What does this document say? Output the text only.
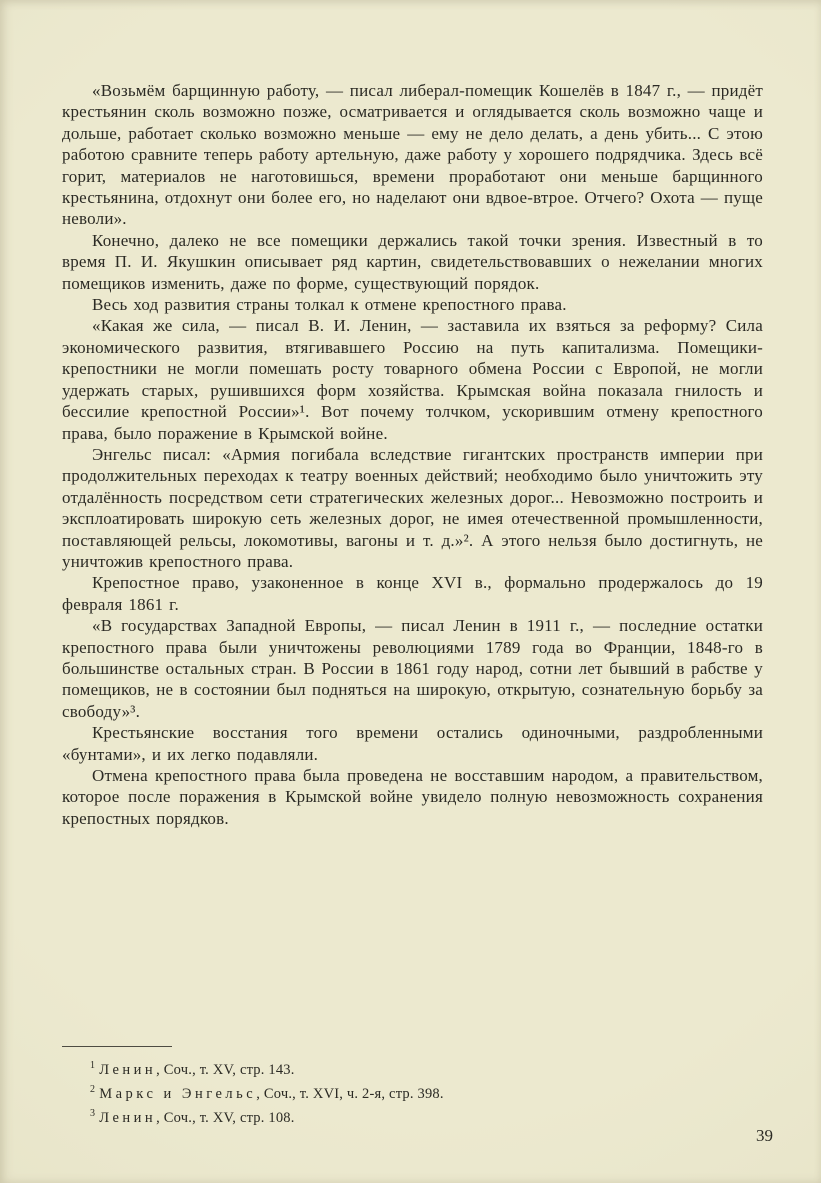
«Возьмём барщинную работу, — писал либерал-помещик Кошелёв в 1847 г., — придёт крестьянин сколь возможно позже, осматривается и оглядывается сколь возможно чаще и дольше, работает сколько возможно меньше — ему не дело делать, а день убить... С этою работою сравните теперь работу артельную, даже работу у хорошего подрядчика. Здесь всё горит, материалов не наготовишься, времени проработают они меньше барщинного крестьянина, отдохнут они более его, но наделают они вдвое-втрое. Отчего? Охота — пуще неволи».

Конечно, далеко не все помещики держались такой точки зрения. Известный в то время П. И. Якушкин описывает ряд картин, свидетельствовавших о нежелании многих помещиков изменить, даже по форме, существующий порядок.

Весь ход развития страны толкал к отмене крепостного права.

«Какая же сила, — писал В. И. Ленин, — заставила их взяться за реформу? Сила экономического развития, втягивавшего Россию на путь капитализма. Помещики-крепостники не могли помешать росту товарного обмена России с Европой, не могли удержать старых, рушившихся форм хозяйства. Крымская война показала гнилость и бессилие крепостной России»¹. Вот почему толчком, ускорившим отмену крепостного права, было поражение в Крымской войне.

Энгельс писал: «Армия погибала вследствие гигантских пространств империи при продолжительных переходах к театру военных действий; необходимо было уничтожить эту отдалённость посредством сети стратегических железных дорог... Невозможно построить и эксплоатировать широкую сеть железных дорог, не имея отечественной промышленности, поставляющей рельсы, локомотивы, вагоны и т. д.»². А этого нельзя было достигнуть, не уничтожив крепостного права.

Крепостное право, узаконенное в конце XVI в., формально продержалось до 19 февраля 1861 г.

«В государствах Западной Европы, — писал Ленин в 1911 г., — последние остатки крепостного права были уничтожены революциями 1789 года во Франции, 1848-го в большинстве остальных стран. В России в 1861 году народ, сотни лет бывший в рабстве у помещиков, не в состоянии был подняться на широкую, открытую, сознательную борьбу за свободу»³.

Крестьянские восстания того времени остались одиночными, раздробленными «бунтами», и их легко подавляли.

Отмена крепостного права была проведена не восставшим народом, а правительством, которое после поражения в Крымской войне увидело полную невозможность сохранения крепостных порядков.

$^1$ Ленин, Соч., т. XV, стр. 143.
$^2$ Маркс и Энгельс, Соч., т. XVI, ч. 2-я, стр. 398.
$^3$ Ленин, Соч., т. XV, стр. 108.
39
